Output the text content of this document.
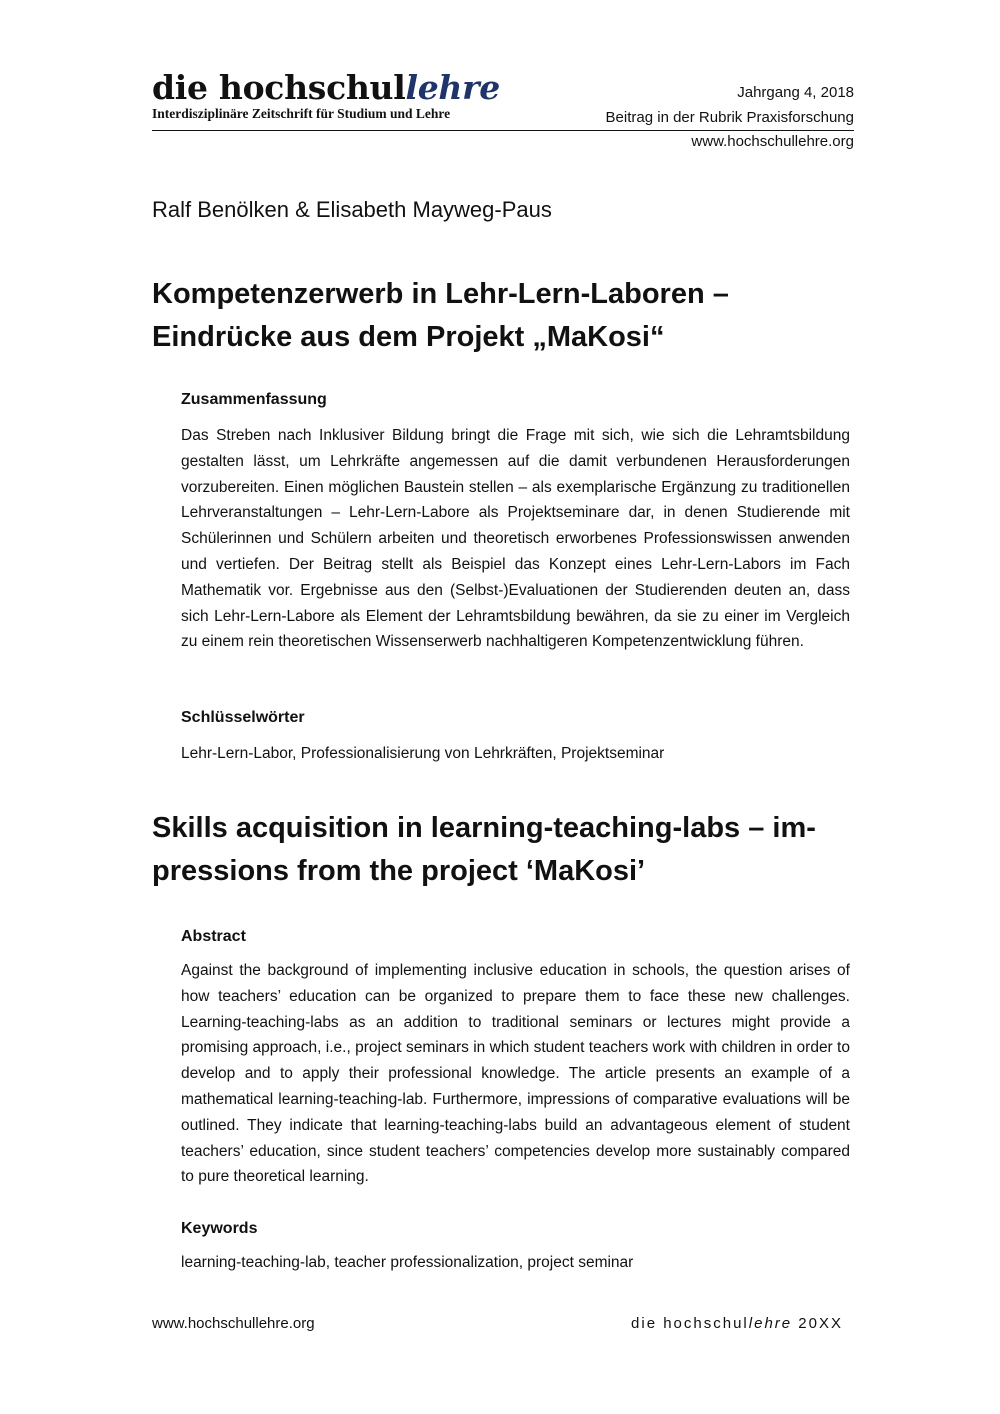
die hochschullehre
Interdisziplinäre Zeitschrift für Studium und Lehre
Jahrgang 4, 2018
Beitrag in der Rubrik Praxisforschung
www.hochschullehre.org
Ralf Benölken & Elisabeth Mayweg-Paus
Kompetenzerwerb in Lehr-Lern-Laboren –
Eindrücke aus dem Projekt „MaKosi“
Zusammenfassung

Das Streben nach Inklusiver Bildung bringt die Frage mit sich, wie sich die Lehramtsbildung gestalten lässt, um Lehrkräfte angemessen auf die damit verbundenen Herausforderungen vorzubereiten. Einen möglichen Baustein stellen – als exemplarische Ergänzung zu traditionellen Lehrveranstaltungen – Lehr-Lern-Labore als Projektseminare dar, in denen Studierende mit Schülerinnen und Schülern arbeiten und theoretisch erworbenes Professionswissen anwenden und vertiefen. Der Beitrag stellt als Beispiel das Konzept eines Lehr-Lern-Labors im Fach Mathematik vor. Ergebnisse aus den (Selbst-)Evaluationen der Studierenden deuten an, dass sich Lehr-Lern-Labore als Element der Lehramtsbildung bewähren, da sie zu einer im Vergleich zu einem rein theoretischen Wissenserwerb nachhaltigeren Kompetenzentwicklung führen.

Schlüsselwörter

Lehr-Lern-Labor, Professionalisierung von Lehrkräften, Projektseminar

Skills acquisition in learning-teaching-labs – im-
pressions from the project ‘MaKosi’
Abstract

Against the background of implementing inclusive education in schools, the question arises of how teachers’ education can be organized to prepare them to face these new challenges. Learning-teaching-labs as an addition to traditional seminars or lectures might provide a promising approach, i.e., project seminars in which student teachers work with children in order to develop and to apply their professional knowledge. The article presents an example of a mathematical learning-teaching-lab. Furthermore, impressions of comparative evaluations will be outlined. They indicate that learning-teaching-labs build an advantageous element of student teachers’ education, since student teachers’ competencies develop more sustainably compared to pure theoretical learning.

Keywords

learning-teaching-lab, teacher professionalization, project seminar

www.hochschullehre.org	die hochschullehre 20XX
